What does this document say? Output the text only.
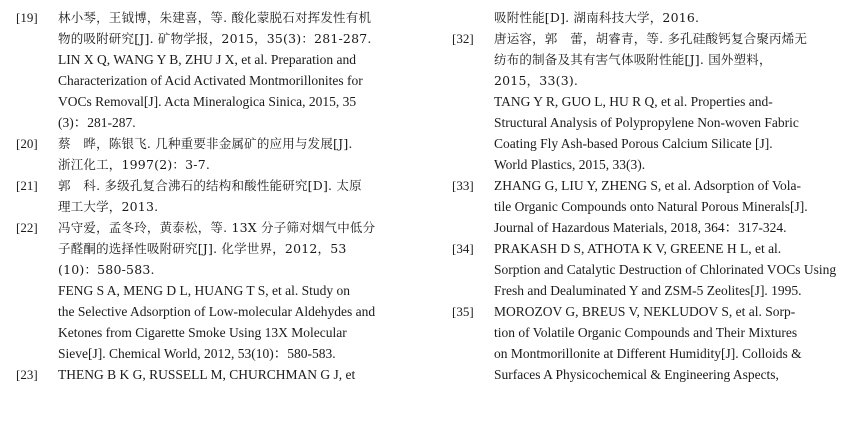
[19] 林小琴，王钺博，朱建喜，等. 酸化蒙脱石对挥发性有机
物的吸附研究[J]. 矿物学报，2015，35(3)：281-287.
LIN X Q, WANG Y B, ZHU J X, et al. Preparation and
Characterization of Acid Activated Montmorillonites for
VOCs Removal[J]. Acta Mineralogica Sinica, 2015, 35
(3)：281-287.
[20] 蔡　晔，陈银飞. 几种重要非金属矿的应用与发展[J].
浙江化工，1997(2)：3-7.
[21] 郭　科. 多级孔复合沸石的结构和酸性能研究[D]. 太原
理工大学，2013.
[22] 冯守爱，孟冬玲，黄泰松，等. 13X 分子筛对烟气中低分
子醛酮的选择性吸附研究[J]. 化学世界，2012，53
(10)：580-583.
FENG S A, MENG D L, HUANG T S, et al. Study on
the Selective Adsorption of Low-molecular Aldehydes and
Ketones from Cigarette Smoke Using 13X Molecular
Sieve[J]. Chemical World, 2012, 53(10)：580-583.
[23] THENG B K G, RUSSELL M, CHURCHMAN G J, et
吸附性能[D]. 湖南科技大学，2016.
[32] 唐运容，郭　蕾，胡睿青，等. 多孔硅酸钙复合聚丙烯无
纺布的制备及其有害气体吸附性能[J]. 国外塑料，
2015，33(3).
TANG Y R, GUO L, HU R Q, et al. Properties and-
Structural Analysis of Polypropylene Non-woven Fabric
Coating Fly Ash-based Porous Calcium Silicate [J].
World Plastics, 2015, 33(3).
[33] ZHANG G, LIU Y, ZHENG S, et al. Adsorption of Vola-
tile Organic Compounds onto Natural Porous Minerals[J].
Journal of Hazardous Materials, 2018, 364：317-324.
[34] PRAKASH D S, ATHOTA K V, GREENE H L, et al.
Sorption and Catalytic Destruction of Chlorinated VOCs Using
Fresh and Dealuminated Y and ZSM-5 Zeolites[J]. 1995.
[35] MOROZOV G, BREUS V, NEKLUDOV S, et al. Sorp-
tion of Volatile Organic Compounds and Their Mixtures
on Montmorillonite at Different Humidity[J]. Colloids &
Surfaces A Physicochemical & Engineering Aspects,
